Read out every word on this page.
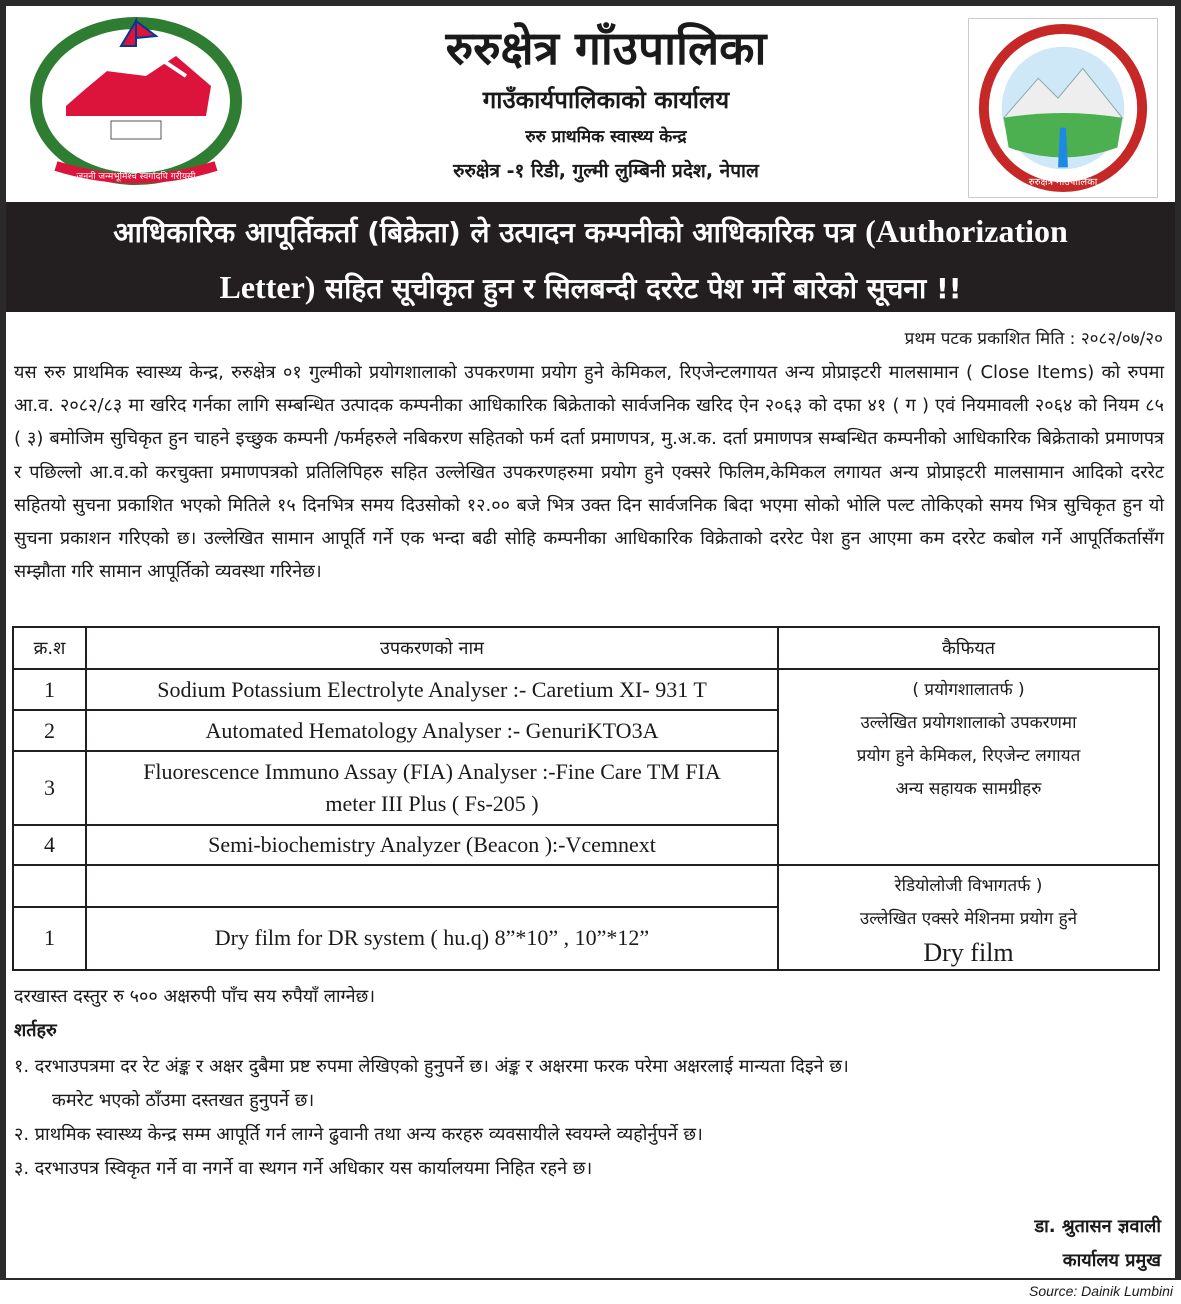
जननी जन्मभूमिश्च स्वर्गादपि गरीयसी
रुरुक्षेत्र गाँउपालिका
गाउँकार्यपालिकाको कार्यालय
रुरु प्राथमिक स्वास्थ्य केन्द्र
रुरुक्षेत्र -१ रिडी, गुल्मी लुम्बिनी प्रदेश, नेपाल
रुरुक्षेत्र गाउँपालिका
आधिकारिक आपूर्तिकर्ता (बिक्रेता) ले उत्पादन कम्पनीको आधिकारिक पत्र (Authorization
Letter) सहित सूचीकृत हुन र सिलबन्दी दररेट पेश गर्ने बारेको सूचना !!
प्रथम पटक प्रकाशित मिति : २०८२/०७/२०
यस रुरु प्राथमिक स्वास्थ्य केन्द्र, रुरुक्षेत्र ०१ गुल्मीको प्रयोगशालाको उपकरणमा प्रयोग हुने केमिकल, रिएजेन्टलगायत अन्य प्रोप्राइटरी मालसामान ( Close Items) को रुपमा आ.व. २०८२/८३ मा खरिद गर्नका लागि सम्बन्धित उत्पादक कम्पनीका आधिकारिक बिक्रेताको सार्वजनिक खरिद ऐन २०६३ को दफा ४१ ( ग ) एवं नियमावली २०६४ को नियम ८५ ( ३) बमोजिम सुचिकृत हुन चाहने इच्छुक कम्पनी /फर्महरुले नबिकरण सहितको फर्म दर्ता प्रमाणपत्र, मु.अ.क. दर्ता प्रमाणपत्र सम्बन्धित कम्पनीको आधिकारिक बिक्रेताको प्रमाणपत्र र पछिल्लो आ.व.को करचुक्ता प्रमाणपत्रको प्रतिलिपिहरु सहित उल्लेखित उपकरणहरुमा प्रयोग हुने एक्सरे फिलिम,केमिकल लगायत अन्य प्रोप्राइटरी मालसामान आदिको दररेट सहितयो सुचना प्रकाशित भएको मितिले १५ दिनभित्र समय दिउसोको १२.०० बजे भित्र उक्त दिन सार्वजनिक बिदा भएमा सोको भोलि पल्ट तोकिएको समय भित्र सुचिकृत हुन यो सुचना प्रकाशन गरिएको छ। उल्लेखित सामान आपूर्ति गर्ने एक भन्दा बढी सोहि कम्पनीका आधिकारिक विक्रेताको दररेट पेश हुन आएमा कम दररेट कबोल गर्ने आपूर्तिकर्तासँग सम्झौता गरि सामान आपूर्तिको व्यवस्था गरिनेछ।
क्र.श	उपकरणको नाम	कैफियत
1	Sodium Potassium Electrolyte Analyser :- Caretium XI- 931 T	( प्रयोगशालातर्फ )
उल्लेखित प्रयोगशालाको उपकरणमा
प्रयोग हुने केमिकल, रिएजेन्ट लगायत
अन्य सहायक सामग्रीहरु

2	Automated Hematology Analyser :- GenuriKTO3A	
3	Fluorescence Immuno Assay (FIA) Analyser :-Fine Care TM FIA meter III Plus ( Fs-205 )	
4	Semi-biochemistry Analyzer (Beacon ):-Vcemnext	

		रेडियोलोजी विभागतर्फ )
उल्लेखित एक्सरे मेशिनमा प्रयोग हुने
Dry film

1	Dry film for DR system ( hu.q) 8”*10” , 10”*12”	
दरखास्त दस्तुर रु ५०० अक्षरुपी पाँच सय रुपैयाँ लाग्नेछ।
शर्तहरु
१. दरभाउपत्रमा दर रेट अंङ्क र अक्षर दुबैमा प्रष्ट रुपमा लेखिएको हुनुपर्ने छ। अंङ्क र अक्षरमा फरक परेमा अक्षरलाई मान्यता दिइने छ।
कमरेट भएको ठाँउमा दस्तखत हुनुपर्ने छ।
२. प्राथमिक स्वास्थ्य केन्द्र सम्म आपूर्ति गर्न लाग्ने ढुवानी तथा अन्य करहरु व्यवसायीले स्वयम्ले व्यहोर्नुपर्ने छ।
३. दरभाउपत्र स्विकृत गर्ने वा नगर्ने वा स्थगन गर्ने अधिकार यस कार्यालयमा निहित रहने छ।
डा. श्रुतासन ज्ञवाली
कार्यालय प्रमुख
Source: Dainik Lumbini
